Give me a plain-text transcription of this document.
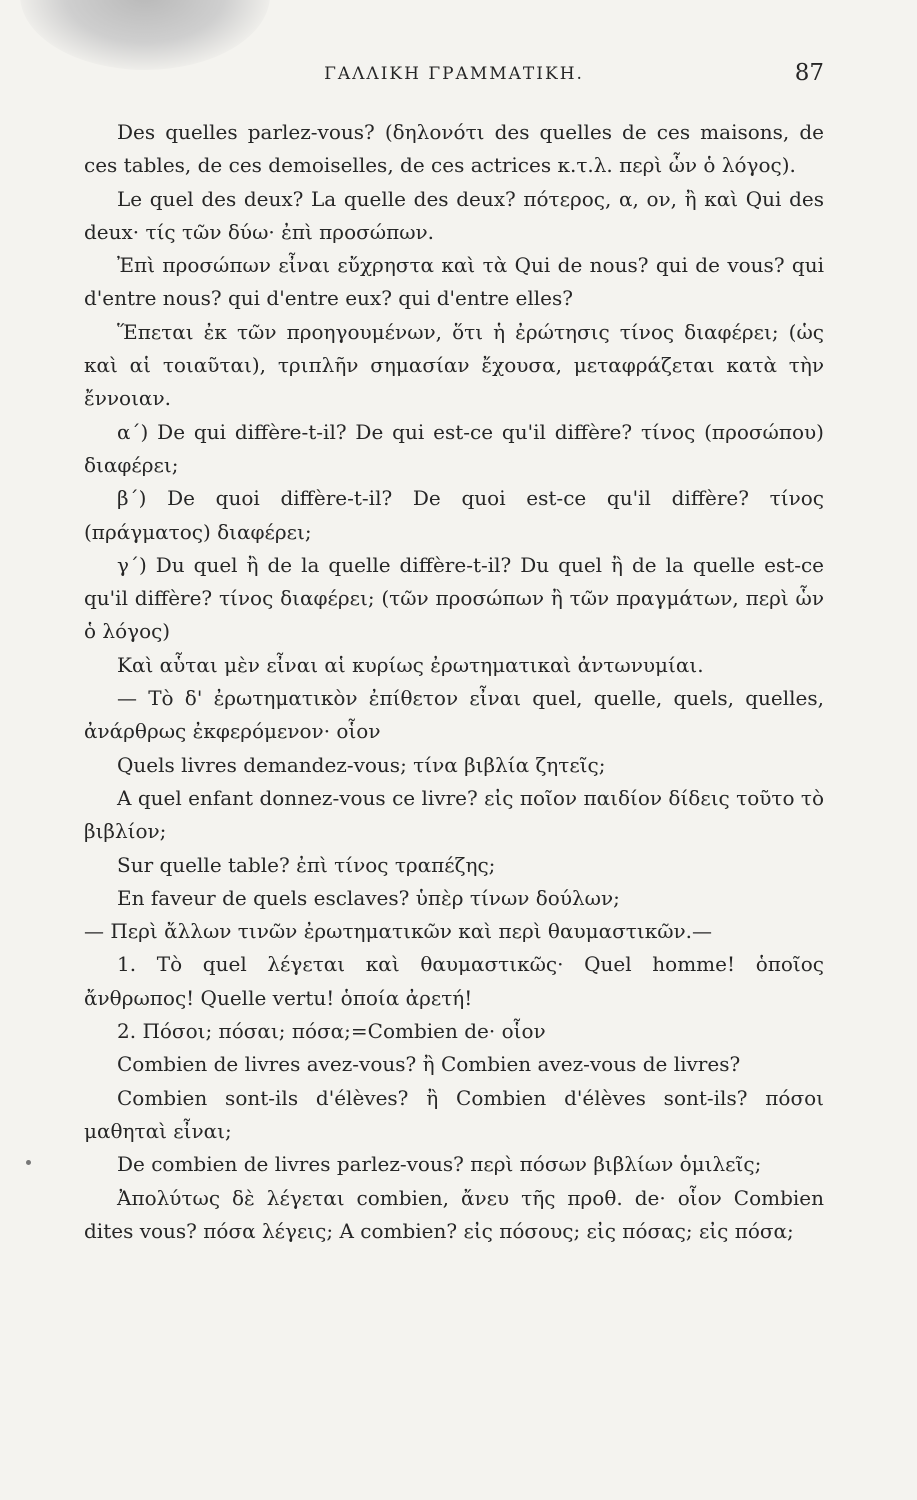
ΓΑΛΛΙΚΗ ΓΡΑΜΜΑΤΙΚΗ.	87

Des quelles parlez-vous? (δηλονότι des quelles de ces maisons, de ces tables, de ces demoiselles, de ces actrices κ.τ.λ. περὶ ὧν ὁ λόγος).

Le quel des deux? La quelle des deux? πότερος, α, ον, ἢ καὶ Qui des deux· τίς τῶν δύω· ἐπὶ προσώπων.

Ἐπὶ προσώπων εἶναι εὔχρηστα καὶ τὰ Qui de nous? qui de vous? qui d'entre nous? qui d'entre eux? qui d'entre elles?

Ἕπεται ἐκ τῶν προηγουμένων, ὅτι ἡ ἐρώτησις τίνος διαφέρει; (ὡς καὶ αἱ τοιαῦται), τριπλῆν σημασίαν ἔχουσα, μεταφράζεται κατὰ τὴν ἔννοιαν.

α΄) De qui diffère-t-il? De qui est-ce qu'il diffère? τίνος (προσώπου) διαφέρει;

β΄) De quoi diffère-t-il? De quoi est-ce qu'il diffère? τίνος (πράγματος) διαφέρει;

γ΄) Du quel ἢ de la quelle diffère-t-il? Du quel ἢ de la quelle est-ce qu'il diffère? τίνος διαφέρει; (τῶν προσώπων ἢ τῶν πραγμάτων, περὶ ὧν ὁ λόγος)

Καὶ αὗται μὲν εἶναι αἱ κυρίως ἐρωτηματικαὶ ἀντωνυμίαι.

— Τὸ δ' ἐρωτηματικὸν ἐπίθετον εἶναι quel, quelle, quels, quelles, ἀνάρθρως ἐκφερόμενον· οἷον

Quels livres demandez-vous; τίνα βιβλία ζητεῖς;

A quel enfant donnez-vous ce livre? εἰς ποῖον παιδίον δίδεις τοῦτο τὸ βιβλίον;

Sur quelle table? ἐπὶ τίνος τραπέζης;

En faveur de quels esclaves? ὑπὲρ τίνων δούλων;

— Περὶ ἄλλων τινῶν ἐρωτηματικῶν καὶ περὶ θαυμαστικῶν.—

1. Τὸ quel λέγεται καὶ θαυμαστικῶς· Quel homme! ὁποῖος ἄνθρωπος! Quelle vertu! ὁποία ἀρετή!

2. Πόσοι; πόσαι; πόσα;=Combien de· οἷον

Combien de livres avez-vous? ἢ Combien avez-vous de livres?

Combien sont-ils d'élèves? ἢ Combien d'élèves sont-ils? πόσοι μαθηταὶ εἶναι;

De combien de livres parlez-vous? περὶ πόσων βιβλίων ὁμιλεῖς;

Ἀπολύτως δὲ λέγεται combien, ἄνευ τῆς προθ. de· οἷον Combien dites vous? πόσα λέγεις; A combien? εἰς πόσους; εἰς πόσας; εἰς πόσα;
